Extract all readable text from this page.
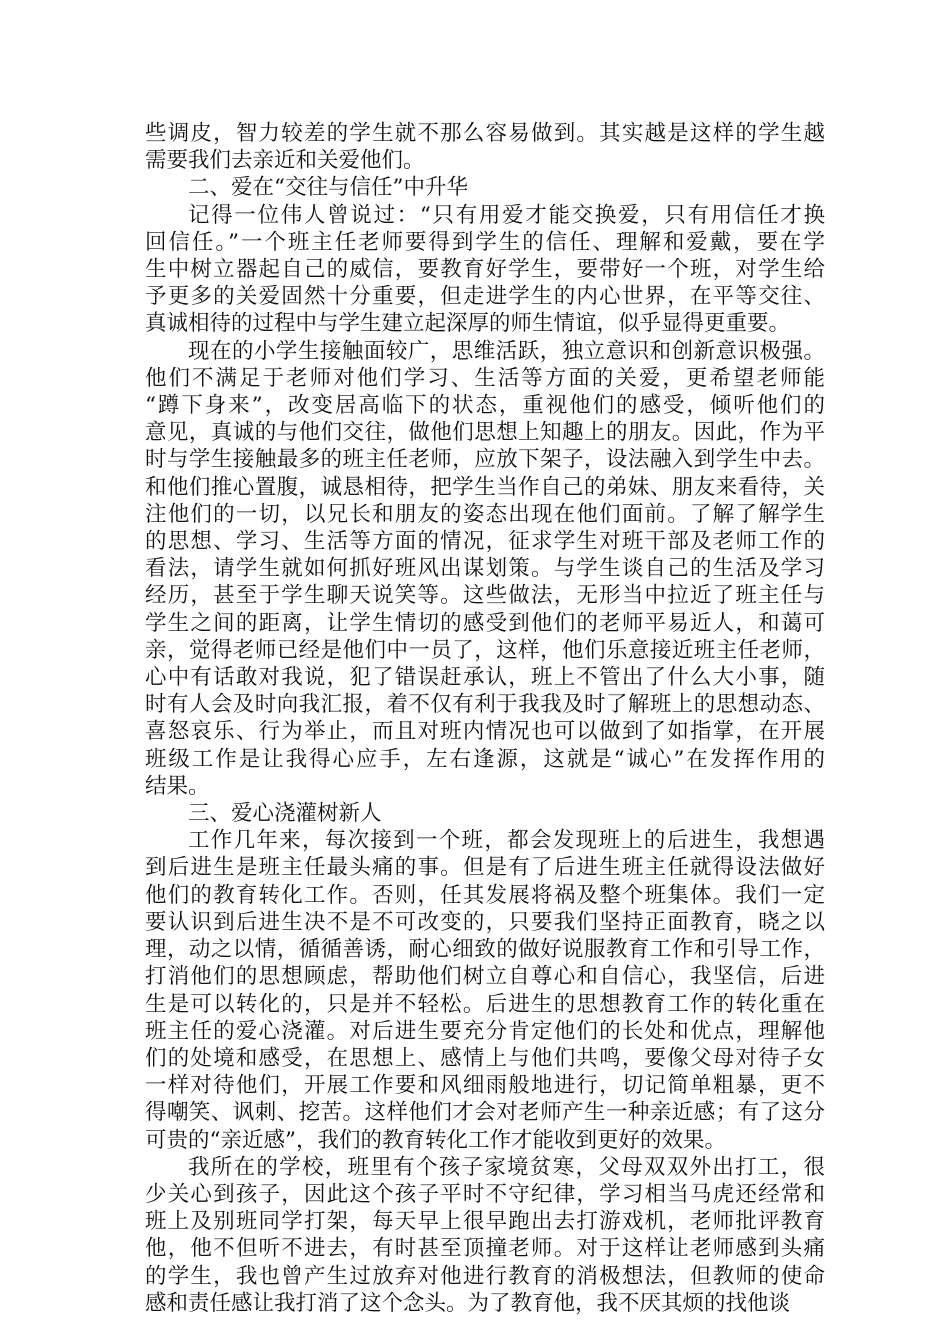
些调皮，智力较差的学生就不那么容易做到。其实越是这样的学生越
需要我们去亲近和关爱他们。

二、爱在“交往与信任”中升华

记得一位伟人曾说过：“只有用爱才能交换爱，只有用信任才换
回信任。”一个班主任老师要得到学生的信任、理解和爱戴，要在学
生中树立器起自己的威信，要教育好学生，要带好一个班，对学生给
予更多的关爱固然十分重要，但走进学生的内心世界，在平等交往、
真诚相待的过程中与学生建立起深厚的师生情谊，似乎显得更重要。

现在的小学生接触面较广，思维活跃，独立意识和创新意识极强。
他们不满足于老师对他们学习、生活等方面的关爱，更希望老师能
“蹲下身来”，改变居高临下的状态，重视他们的感受，倾听他们的
意见，真诚的与他们交往，做他们思想上知趣上的朋友。因此，作为平
时与学生接触最多的班主任老师，应放下架子，设法融入到学生中去。
和他们推心置腹，诚恳相待，把学生当作自己的弟妹、朋友来看待，关
注他们的一切，以兄长和朋友的姿态出现在他们面前。了解了解学生
的思想、学习、生活等方面的情况，征求学生对班干部及老师工作的
看法，请学生就如何抓好班风出谋划策。与学生谈自己的生活及学习
经历，甚至于学生聊天说笑等。这些做法，无形当中拉近了班主任与
学生之间的距离，让学生情切的感受到他们的老师平易近人，和蔼可
亲，觉得老师已经是他们中一员了，这样，他们乐意接近班主任老师，
心中有话敢对我说，犯了错误赶承认，班上不管出了什么大小事，随
时有人会及时向我汇报，着不仅有利于我我及时了解班上的思想动态、
喜怒哀乐、行为举止，而且对班内情况也可以做到了如指掌，在开展
班级工作是让我得心应手，左右逢源，这就是“诚心”在发挥作用的
结果。

三、爱心浇灌树新人

工作几年来，每次接到一个班，都会发现班上的后进生，我想遇
到后进生是班主任最头痛的事。但是有了后进生班主任就得设法做好
他们的教育转化工作。否则，任其发展将祸及整个班集体。我们一定
要认识到后进生决不是不可改变的，只要我们坚持正面教育，晓之以
理，动之以情，循循善诱，耐心细致的做好说服教育工作和引导工作，
打消他们的思想顾虑，帮助他们树立自尊心和自信心，我坚信，后进
生是可以转化的，只是并不轻松。后进生的思想教育工作的转化重在
班主任的爱心浇灌。对后进生要充分肯定他们的长处和优点，理解他
们的处境和感受，在思想上、感情上与他们共鸣，要像父母对待子女
一样对待他们，开展工作要和风细雨般地进行，切记简单粗暴，更不
得嘲笑、讽刺、挖苦。这样他们才会对老师产生一种亲近感；有了这分
可贵的“亲近感”，我们的教育转化工作才能收到更好的效果。

我所在的学校，班里有个孩子家境贫寒，父母双双外出打工，很
少关心到孩子，因此这个孩子平时不守纪律，学习相当马虎还经常和
班上及别班同学打架，每天早上很早跑出去打游戏机，老师批评教育
他，他不但听不进去，有时甚至顶撞老师。对于这样让老师感到头痛
的学生，我也曾产生过放弃对他进行教育的消极想法，但教师的使命
感和责任感让我打消了这个念头。为了教育他，我不厌其烦的找他谈
